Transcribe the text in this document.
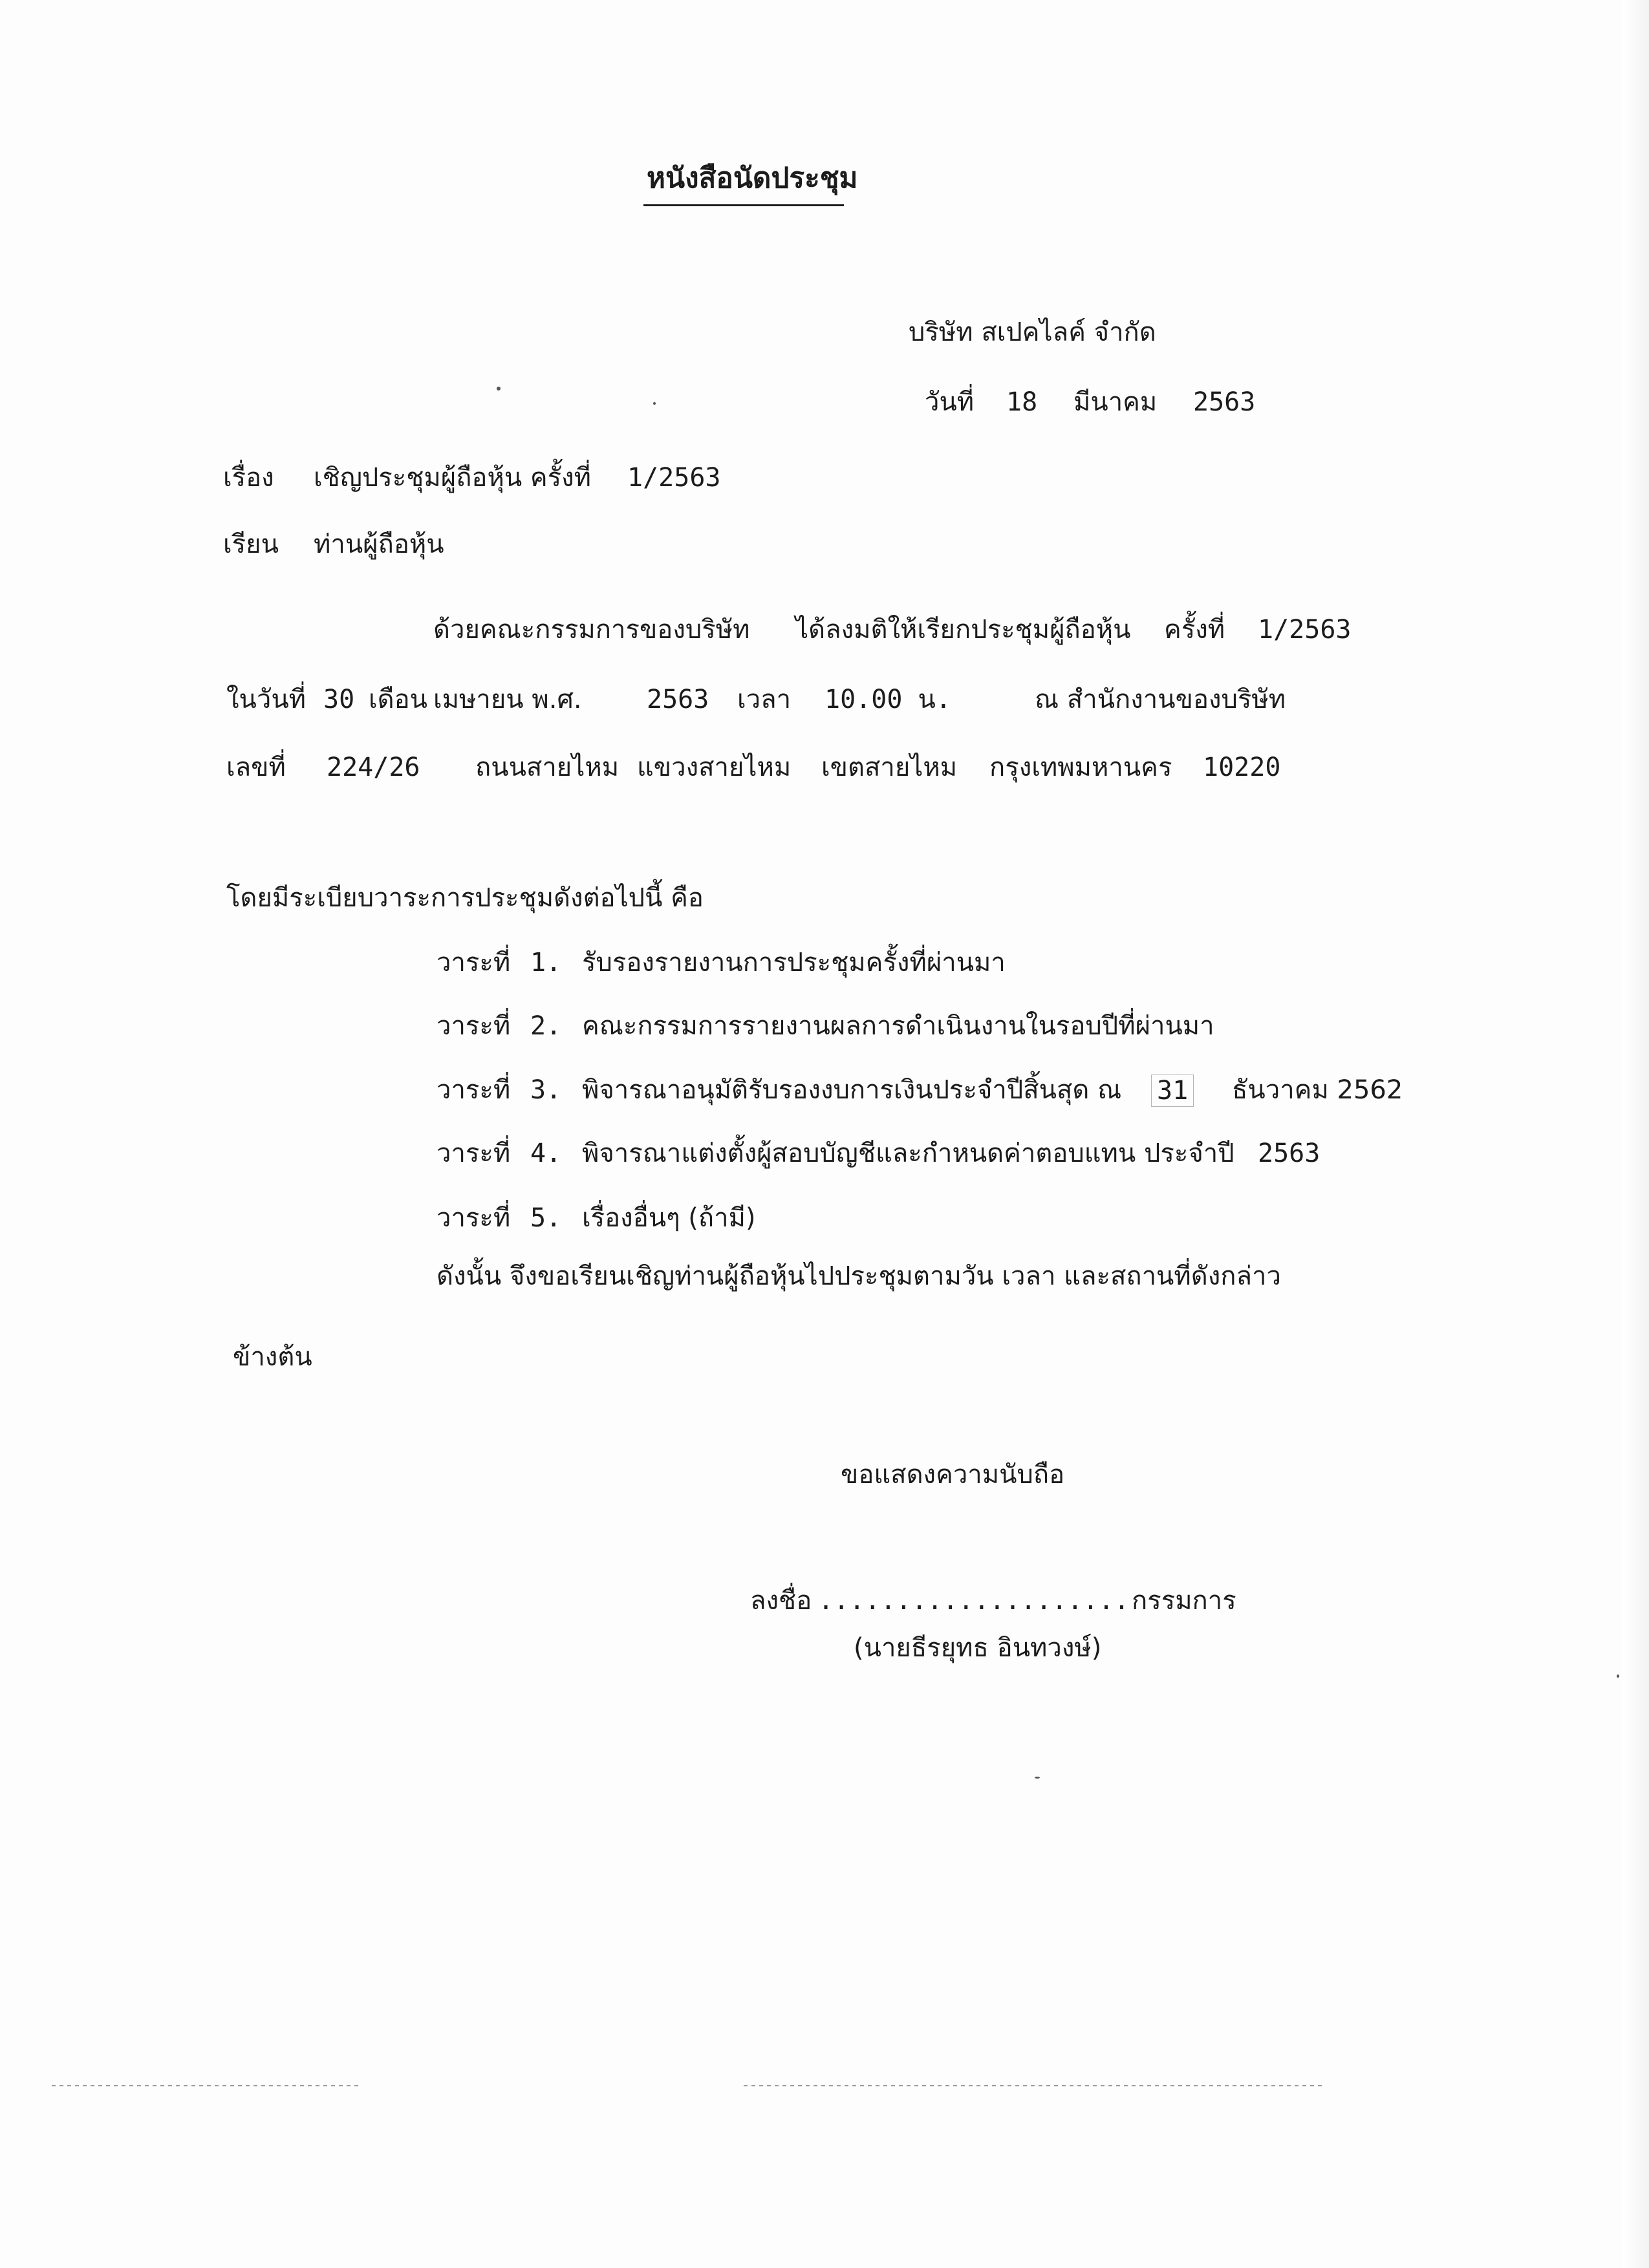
หนังสือนัดประชุม
บริษัท สเปคไลค์ จำกัด
วันที่ 18 มีนาคม 2563
เรื่อง เชิญประชุมผู้ถือหุ้น ครั้งที่ 1/2563
เรียน ท่านผู้ถือหุ้น
ด้วยคณะกรรมการของบริษัท ได้ลงมติให้เรียกประชุมผู้ถือหุ้น ครั้งที่ 1/2563
ในวันที่ 30 เดือน เมษายน พ.ศ.	2563 เวลา 10.00 น.	ณ สำนักงานของบริษัท
เลขที่ 224/26 ถนนสายไหม แขวงสายไหม เขตสายไหม กรุงเทพมหานคร 10220
โดยมีระเบียบวาระการประชุมดังต่อไปนี้ คือ
วาระที่ 1. รับรองรายงานการประชุมครั้งที่ผ่านมา
วาระที่ 2. คณะกรรมการรายงานผลการดำเนินงานในรอบปีที่ผ่านมา
วาระที่ 3. พิจารณาอนุมัติรับรองงบการเงินประจำปีสิ้นสุด ณ 31 ธันวาคม 2562
วาระที่ 4. พิจารณาแต่งตั้งผู้สอบบัญชีและกำหนดค่าตอบแทน ประจำปี 2563
วาระที่ 5. เรื่องอื่นๆ (ถ้ามี)
ดังนั้น จึงขอเรียนเชิญท่านผู้ถือหุ้นไปประชุมตามวัน เวลา และสถานที่ดังกล่าว
ข้างต้น
ขอแสดงความนับถือ
ลงชื่อ .................... กรรมการ
(นายธีรยุทธ อินทวงษ์)
